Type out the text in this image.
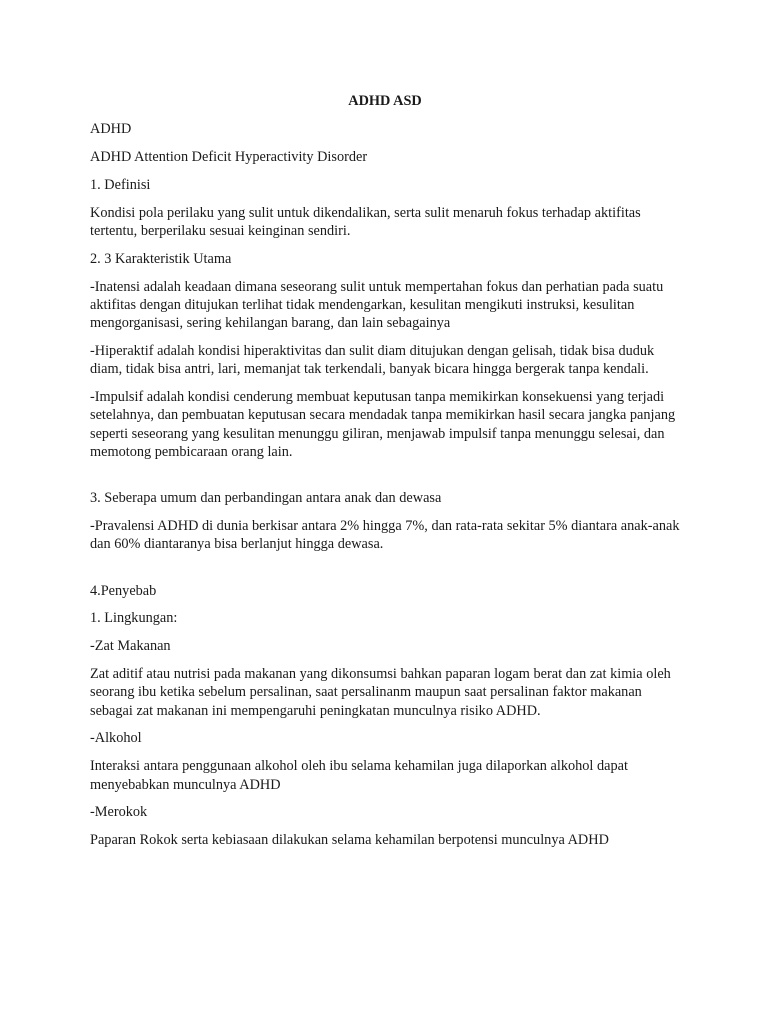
ADHD ASD

ADHD

ADHD Attention Deficit Hyperactivity Disorder

1. Definisi

Kondisi pola perilaku yang sulit untuk dikendalikan, serta sulit menaruh fokus terhadap aktifitas tertentu, berperilaku sesuai keinginan sendiri.

2. 3 Karakteristik Utama

-Inatensi adalah keadaan dimana seseorang sulit untuk mempertahan fokus dan perhatian pada suatu aktifitas dengan ditujukan terlihat tidak mendengarkan, kesulitan mengikuti instruksi, kesulitan mengorganisasi, sering kehilangan barang, dan lain sebagainya

-Hiperaktif adalah kondisi hiperaktivitas dan sulit diam ditujukan dengan gelisah, tidak bisa duduk diam, tidak bisa antri, lari, memanjat tak terkendali, banyak bicara hingga bergerak tanpa kendali.

-Impulsif adalah kondisi cenderung membuat keputusan tanpa memikirkan konsekuensi yang terjadi setelahnya, dan pembuatan keputusan secara mendadak tanpa memikirkan hasil secara jangka panjang seperti seseorang yang kesulitan menunggu giliran, menjawab impulsif tanpa menunggu selesai, dan memotong pembicaraan orang lain.

3. Seberapa umum dan perbandingan antara anak dan dewasa

-Pravalensi ADHD di dunia berkisar antara 2% hingga 7%, dan rata-rata sekitar 5% diantara anak-anak dan 60% diantaranya bisa berlanjut hingga dewasa.

4.Penyebab

1. Lingkungan:

-Zat Makanan

Zat aditif atau nutrisi pada makanan yang dikonsumsi bahkan paparan logam berat dan zat kimia oleh seorang ibu ketika sebelum persalinan, saat persalinanm maupun saat persalinan faktor makanan sebagai zat makanan ini mempengaruhi peningkatan munculnya risiko ADHD.

-Alkohol

Interaksi antara penggunaan alkohol oleh ibu selama kehamilan juga dilaporkan alkohol dapat menyebabkan munculnya ADHD

-Merokok

Paparan Rokok serta kebiasaan dilakukan selama kehamilan berpotensi munculnya ADHD
